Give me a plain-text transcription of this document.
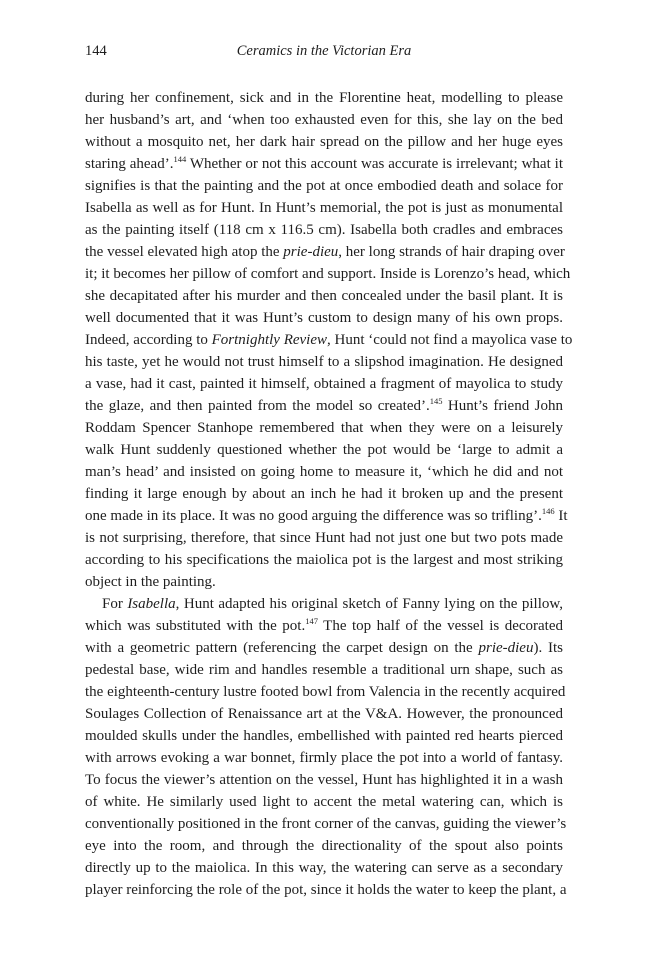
144	Ceramics in the Victorian Era
during her confinement, sick and in the Florentine heat, modelling to please
her husband’s art, and ‘when too exhausted even for this, she lay on the bed
without a mosquito net, her dark hair spread on the pillow and her huge eyes
staring ahead’.$^{144}$ Whether or not this account was accurate is irrelevant; what it
signifies is that the painting and the pot at once embodied death and solace for
Isabella as well as for Hunt. In Hunt’s memorial, the pot is just as monumental
as the painting itself (118 cm x 116.5 cm). Isabella both cradles and embraces
the vessel elevated high atop the prie-dieu, her long strands of hair draping over
it; it becomes her pillow of comfort and support. Inside is Lorenzo’s head, which
she decapitated after his murder and then concealed under the basil plant. It is
well documented that it was Hunt’s custom to design many of his own props.
Indeed, according to Fortnightly Review, Hunt ‘could not find a mayolica vase to
his taste, yet he would not trust himself to a slipshod imagination. He designed
a vase, had it cast, painted it himself, obtained a fragment of mayolica to study
the glaze, and then painted from the model so created’.$^{145}$ Hunt’s friend John
Roddam Spencer Stanhope remembered that when they were on a leisurely
walk Hunt suddenly questioned whether the pot would be ‘large to admit a
man’s head’ and insisted on going home to measure it, ‘which he did and not
finding it large enough by about an inch he had it broken up and the present
one made in its place. It was no good arguing the difference was so trifling’.$^{146}$ It
is not surprising, therefore, that since Hunt had not just one but two pots made
according to his specifications the maiolica pot is the largest and most striking
object in the painting.
For Isabella, Hunt adapted his original sketch of Fanny lying on the pillow,
which was substituted with the pot.$^{147}$ The top half of the vessel is decorated
with a geometric pattern (referencing the carpet design on the prie-dieu). Its
pedestal base, wide rim and handles resemble a traditional urn shape, such as
the eighteenth-century lustre footed bowl from Valencia in the recently acquired
Soulages Collection of Renaissance art at the V&A. However, the pronounced
moulded skulls under the handles, embellished with painted red hearts pierced
with arrows evoking a war bonnet, firmly place the pot into a world of fantasy.
To focus the viewer’s attention on the vessel, Hunt has highlighted it in a wash
of white. He similarly used light to accent the metal watering can, which is
conventionally positioned in the front corner of the canvas, guiding the viewer’s
eye into the room, and through the directionality of the spout also points
directly up to the maiolica. In this way, the watering can serve as a secondary
player reinforcing the role of the pot, since it holds the water to keep the plant, a
